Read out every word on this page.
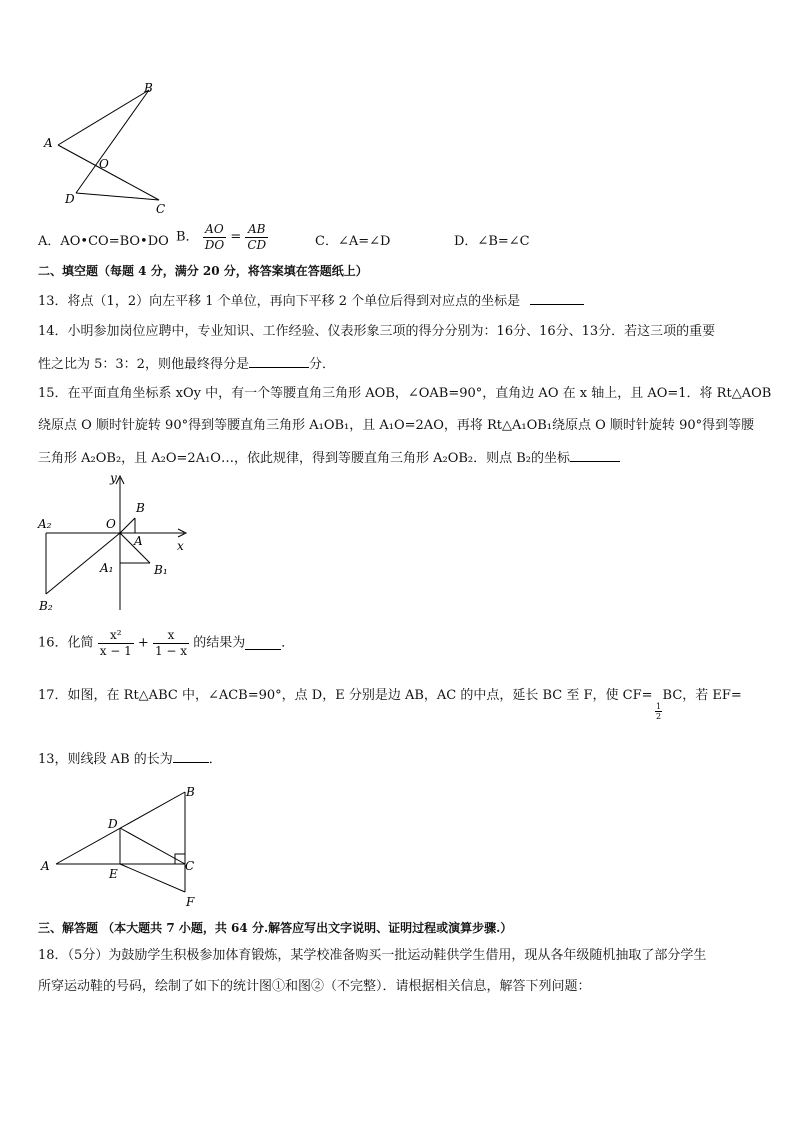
B
A
O
D
C
A．AO•CO=BO•DO B． $\frac{AO}{DO} = \frac{AB}{CD}$	C．∠A=∠D	D．∠B=∠C
二、填空题（每题 4 分，满分 20 分，将答案填在答题纸上）
13．将点（1，2）向左平移 1 个单位，再向下平移 2 个单位后得到对应点的坐标是
14．小明参加岗位应聘中，专业知识、工作经验、仪表形象三项的得分分别为：16分、16分、13分．若这三项的重要
性之比为 5：3：2，则他最终得分是	分．
15．在平面直角坐标系 xOy 中，有一个等腰直角三角形 AOB，∠OAB=90°，直角边 AO 在 x 轴上，且 AO=1．将 Rt△AOB
绕原点 O 顺时针旋转 90°得到等腰直角三角形 A₁OB₁，且 A₁O=2AO，再将 Rt△A₁OB₁绕原点 O 顺时针旋转 90°得到等腰
三角形 A₂OB₂，且 A₂O=2A₁O…，依此规律，得到等腰直角三角形 A₂OB₂．则点 B₂的坐标
y
x
O
B
A
A₂
A₁	B₁
B₂
16．化简 $\frac{\text{x²}}{x - 1} + \frac{x}{1 - x}$ 的结果为	．
17．如图，在 Rt△ABC 中，∠ACB=90°，点 D，E 分别是边 AB，AC 的中点，延长 BC 至 F，使 CF= BC，若 EF=
1
2
13，则线段 AB 的长为	．
B
D
A	C
E
F
三、解答题 （本大题共 7 小题，共 64 分.解答应写出文字说明、证明过程或演算步骤.）
18．（5分）为鼓励学生积极参加体育锻炼，某学校准备购买一批运动鞋供学生借用，现从各年级随机抽取了部分学生
所穿运动鞋的号码，绘制了如下的统计图①和图②（不完整）．请根据相关信息，解答下列问题：
